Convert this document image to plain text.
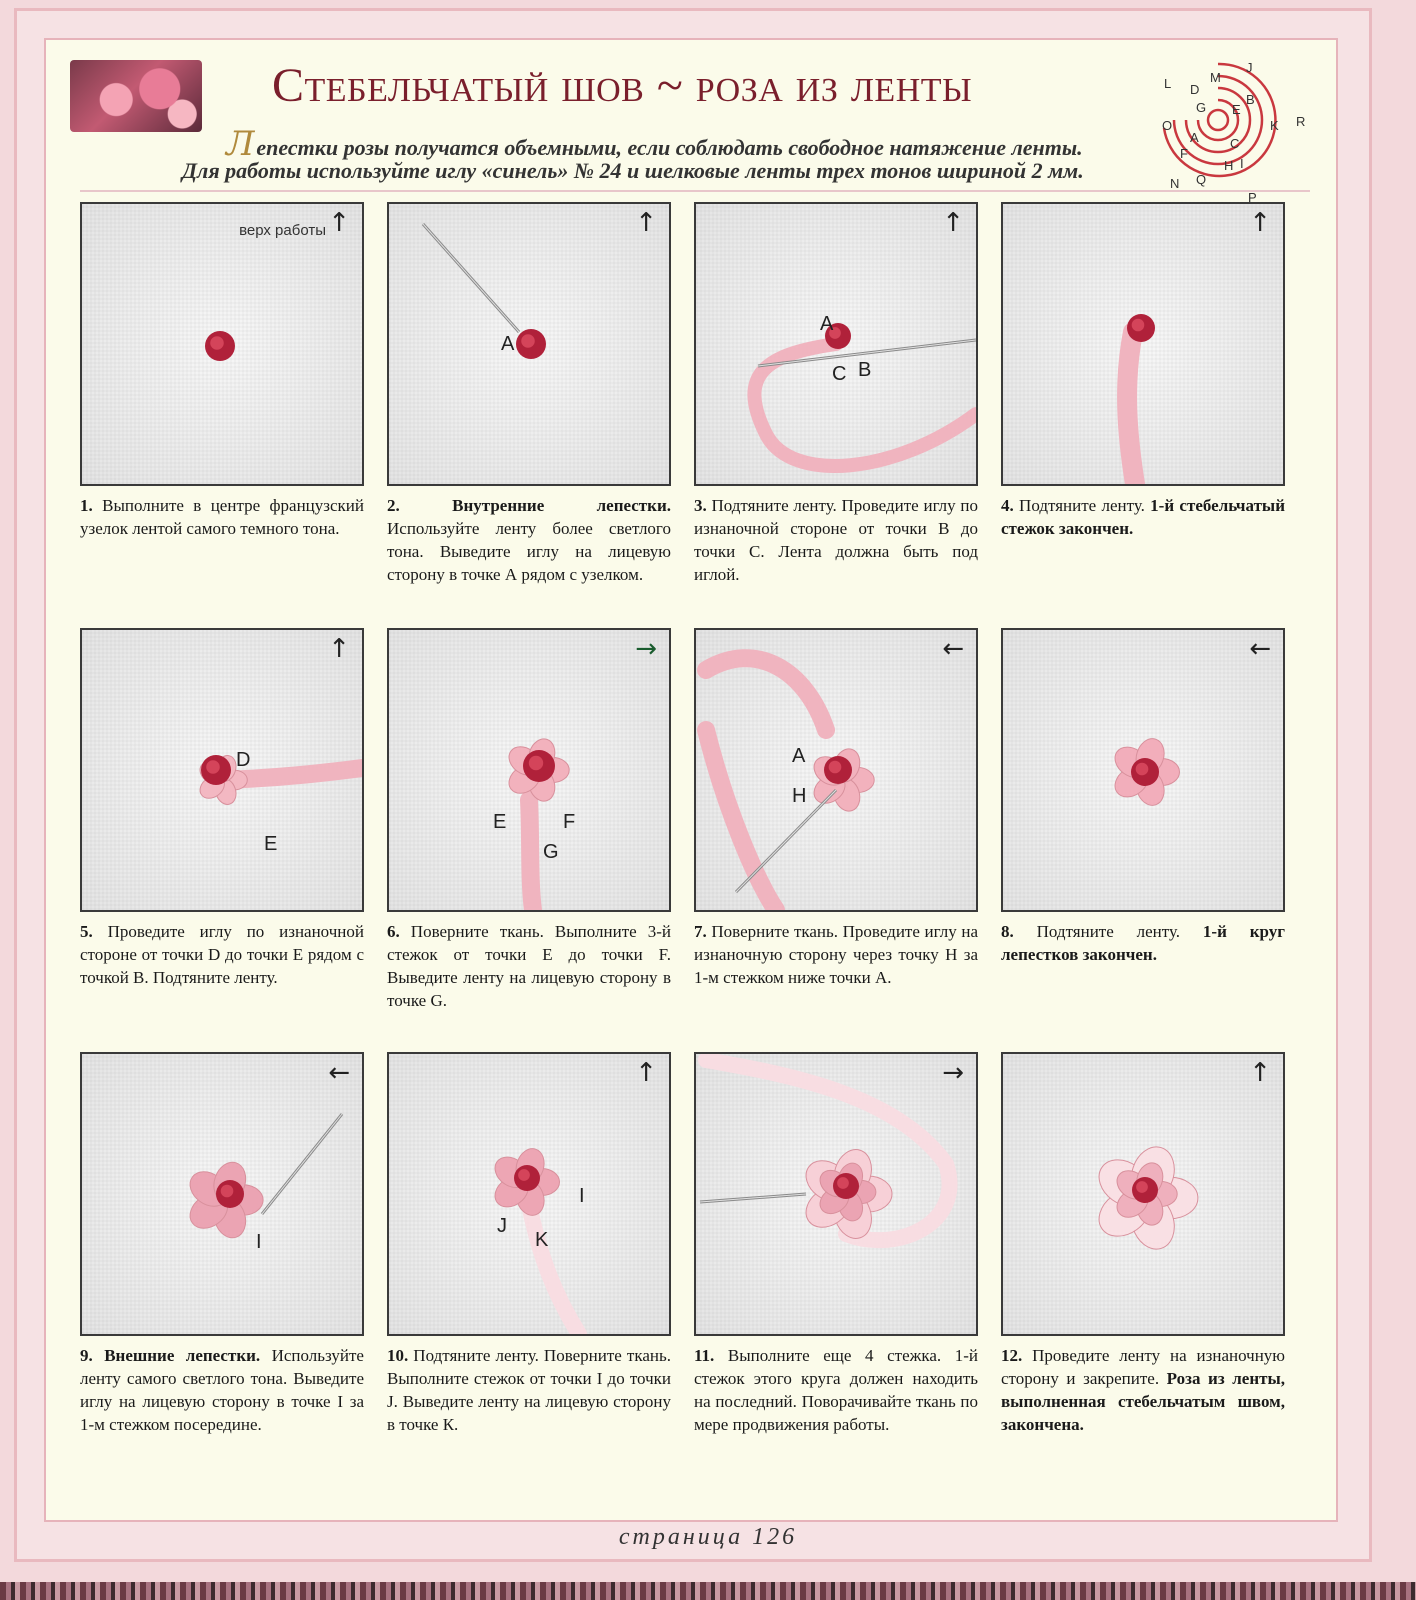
Стебельчатый шов ~ роза из ленты
Лепестки розы получатся объемными, если соблюдать свободное натяжение ленты.
Для работы используйте иглу «синель» № 24 и шелковые ленты трех тонов шириной 2 мм.
J
L	M
D
B
G E
R
O
A
K
C
F
H I
N Q
P
↑
верх работы
1. Выполните в центре французский узелок лентой самого темного тона.
A
↑
2. Внутренние лепестки. Используйте ленту более светлого тона. Выведите иглу на лицевую сторону в точке А рядом с узелком.
A
C B
↑
3. Подтяните ленту. Проведите иглу по изнаночной стороне от точки В до точки С. Лента должна быть под иглой.
↑
4. Подтяните ленту. 1-й стебельчатый стежок закончен.
D
E
↑
5. Проведите иглу по изнаночной стороне от точки D до точки E рядом с точкой В. Подтяните ленту.
E	F
G
→
6. Поверните ткань. Выполните 3-й стежок от точки Е до точки F. Выведите ленту на лицевую сторону в точке G.
A
H
←
7. Поверните ткань. Проведите иглу на изнаночную сторону через точку Н за 1-м стежком ниже точки А.
←
8. Подтяните ленту. 1-й круг лепестков закончен.
I
←
9. Внешние лепестки. Используйте ленту самого светлого тона. Выведите иглу на лицевую сторону в точке I за 1-м стежком посередине.
J
I
K
↑
10. Подтяните ленту. Поверните ткань. Выполните стежок от точки I до точки J. Выведите ленту на лицевую сторону в точке К.
→
11. Выполните еще 4 стежка. 1-й стежок этого круга должен находить на последний. Поворачивайте ткань по мере продвижения работы.
↑
12. Проведите ленту на изнаночную сторону и закрепите. Роза из ленты, выполненная стебельчатым швом, закончена.
страница 126
